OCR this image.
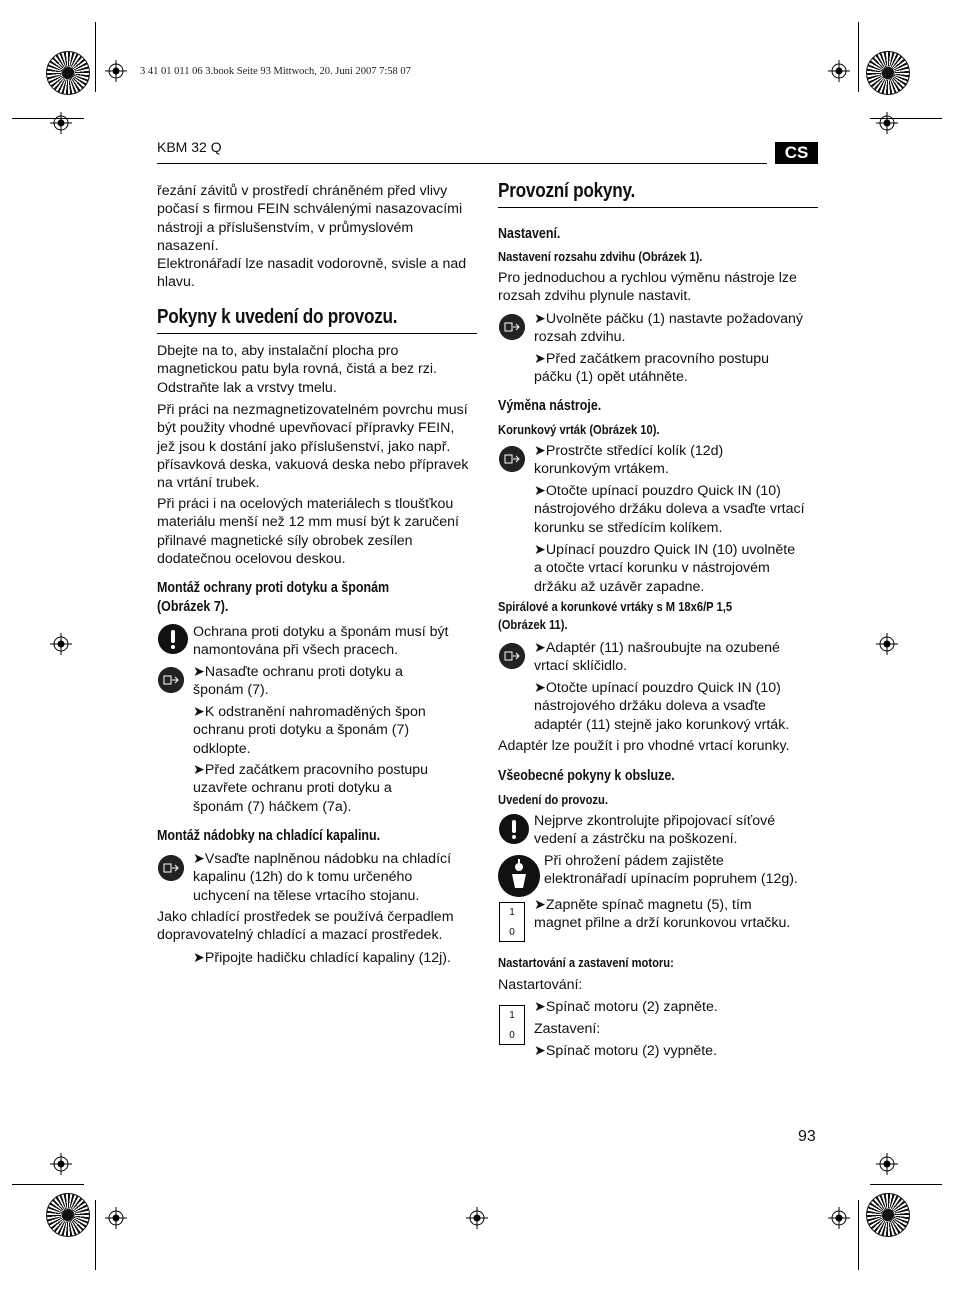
3 41 01 011 06 3.book Seite 93 Mittwoch, 20. Juni 2007 7:58 07
KBM 32 Q	CS
řezání závitů v prostředí chráněném před vlivy
počasí s firmou FEIN schválenými nasazovacími
nástroji a příslušenstvím, v průmyslovém
nasazení.
Elektronářadí lze nasadit vodorovně, svisle a nad
hlavu.
Pokyny k uvedení do provozu.
Dbejte na to, aby instalační plocha pro
magnetickou patu byla rovná, čistá a bez rzi.
Odstraňte lak a vrstvy tmelu.
Při práci na nezmagnetizovatelném povrchu musí
být použity vhodné upevňovací přípravky FEIN,
jež jsou k dostání jako příslušenství, jako např.
přísavková deska, vakuová deska nebo přípravek
na vrtání trubek.
Při práci i na ocelových materiálech s tloušťkou
materiálu menší než 12 mm musí být k zaručení
přilnavé magnetické síly obrobek zesílen
dodatečnou ocelovou deskou.
Montáž ochrany proti dotyku a šponám
(Obrázek 7).
Ochrana proti dotyku a šponám musí být
namontována při všech pracech.
➤Nasaďte ochranu proti dotyku a
šponám (7).
➤K odstranění nahromaděných špon
ochranu proti dotyku a šponám (7)
odklopte.
➤Před začátkem pracovního postupu
uzavřete ochranu proti dotyku a
šponám (7) háčkem (7a).
Montáž nádobky na chladící kapalinu.
➤Vsaďte naplněnou nádobku na chladící
kapalinu (12h) do k tomu určeného
uchycení na tělese vrtacího stojanu.
Jako chladící prostředek se používá čerpadlem
dopravovatelný chladící a mazací prostředek.
➤Připojte hadičku chladící kapaliny (12j).
Provozní pokyny.
Nastavení.
Nastavení rozsahu zdvihu (Obrázek 1).
Pro jednoduchou a rychlou výměnu nástroje lze
rozsah zdvihu plynule nastavit.
➤Uvolněte páčku (1) nastavte požadovaný
rozsah zdvihu.
➤Před začátkem pracovního postupu
páčku (1) opět utáhněte.
Výměna nástroje.
Korunkový vrták (Obrázek 10).
➤Prostrčte středící kolík (12d)
korunkovým vrtákem.
➤Otočte upínací pouzdro Quick IN (10)
nástrojového držáku doleva a vsaďte vrtací
korunku se středícím kolíkem.
➤Upínací pouzdro Quick IN (10) uvolněte
a otočte vrtací korunku v nástrojovém
držáku až uzávěr zapadne.
Spirálové a korunkové vrtáky s M 18x6/P 1,5
(Obrázek 11).
➤Adaptér (11) našroubujte na ozubené
vrtací sklíčidlo.
➤Otočte upínací pouzdro Quick IN (10)
nástrojového držáku doleva a vsaďte
adaptér (11) stejně jako korunkový vrták.
Adaptér lze použít i pro vhodné vrtací korunky.
Všeobecné pokyny k obsluze.
Uvedení do provozu.
Nejprve zkontrolujte připojovací síťové
vedení a zástrčku na poškození.
Při ohrožení pádem zajistěte
elektronářadí upínacím popruhem (12g).
1
0
➤Zapněte spínač magnetu (5), tím
magnet přilne a drží korunkovou vrtačku.
Nastartování a zastavení motoru:
Nastartování:
1
0
➤Spínač motoru (2) zapněte.
Zastavení:
➤Spínač motoru (2) vypněte.
93
